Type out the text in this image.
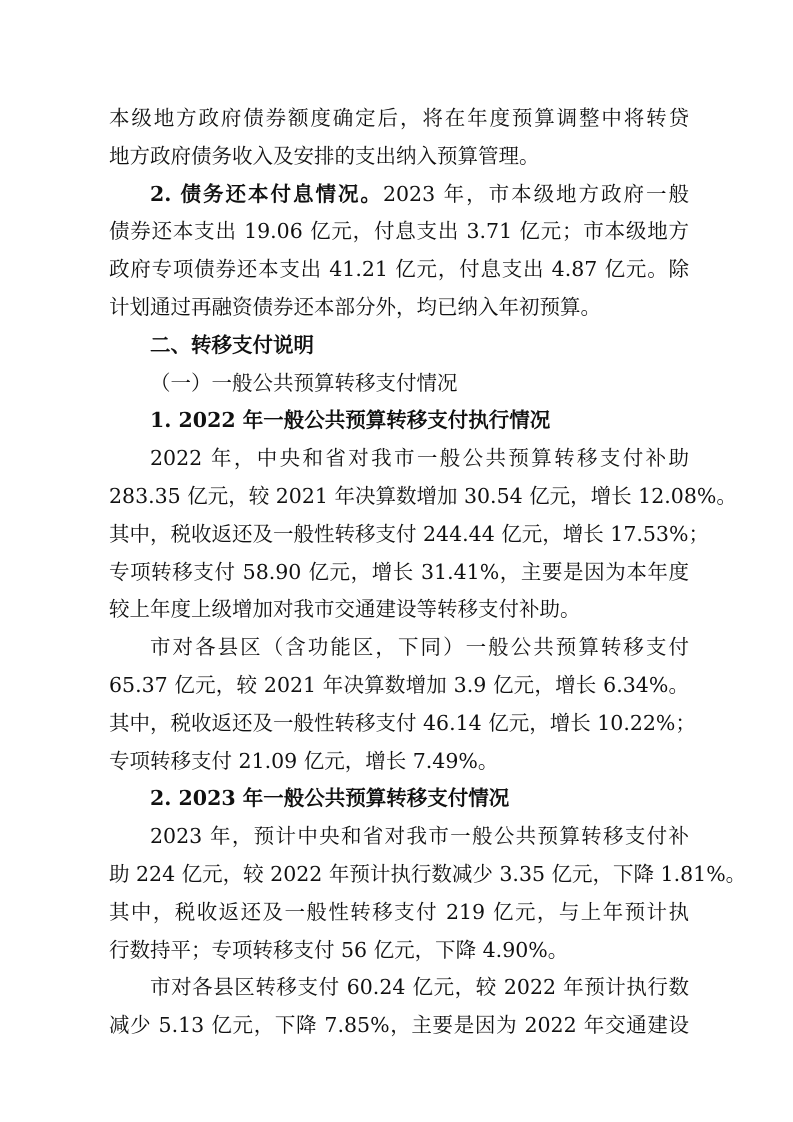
本级地方政府债券额度确定后，将在年度预算调整中将转贷
地方政府债务收入及安排的支出纳入预算管理。
2. 债务还本付息情况。2023 年，市本级地方政府一般
债券还本支出 19.06 亿元，付息支出 3.71 亿元；市本级地方
政府专项债券还本支出 41.21 亿元，付息支出 4.87 亿元。除
计划通过再融资债券还本部分外，均已纳入年初预算。
二、转移支付说明
（一）一般公共预算转移支付情况
1. 2022 年一般公共预算转移支付执行情况
2022 年，中央和省对我市一般公共预算转移支付补助
283.35 亿元，较 2021 年决算数增加 30.54 亿元，增长 12.08%。
其中，税收返还及一般性转移支付 244.44 亿元，增长 17.53%；
专项转移支付 58.90 亿元，增长 31.41%，主要是因为本年度
较上年度上级增加对我市交通建设等转移支付补助。
市对各县区（含功能区，下同）一般公共预算转移支付
65.37 亿元，较 2021 年决算数增加 3.9 亿元，增长 6.34%。
其中，税收返还及一般性转移支付 46.14 亿元，增长 10.22%；
专项转移支付 21.09 亿元，增长 7.49%。
2. 2023 年一般公共预算转移支付情况
2023 年，预计中央和省对我市一般公共预算转移支付补
助 224 亿元，较 2022 年预计执行数减少 3.35 亿元，下降 1.81%。
其中，税收返还及一般性转移支付 219 亿元，与上年预计执
行数持平；专项转移支付 56 亿元，下降 4.90%。
市对各县区转移支付 60.24 亿元，较 2022 年预计执行数
减少 5.13 亿元，下降 7.85%，主要是因为 2022 年交通建设
